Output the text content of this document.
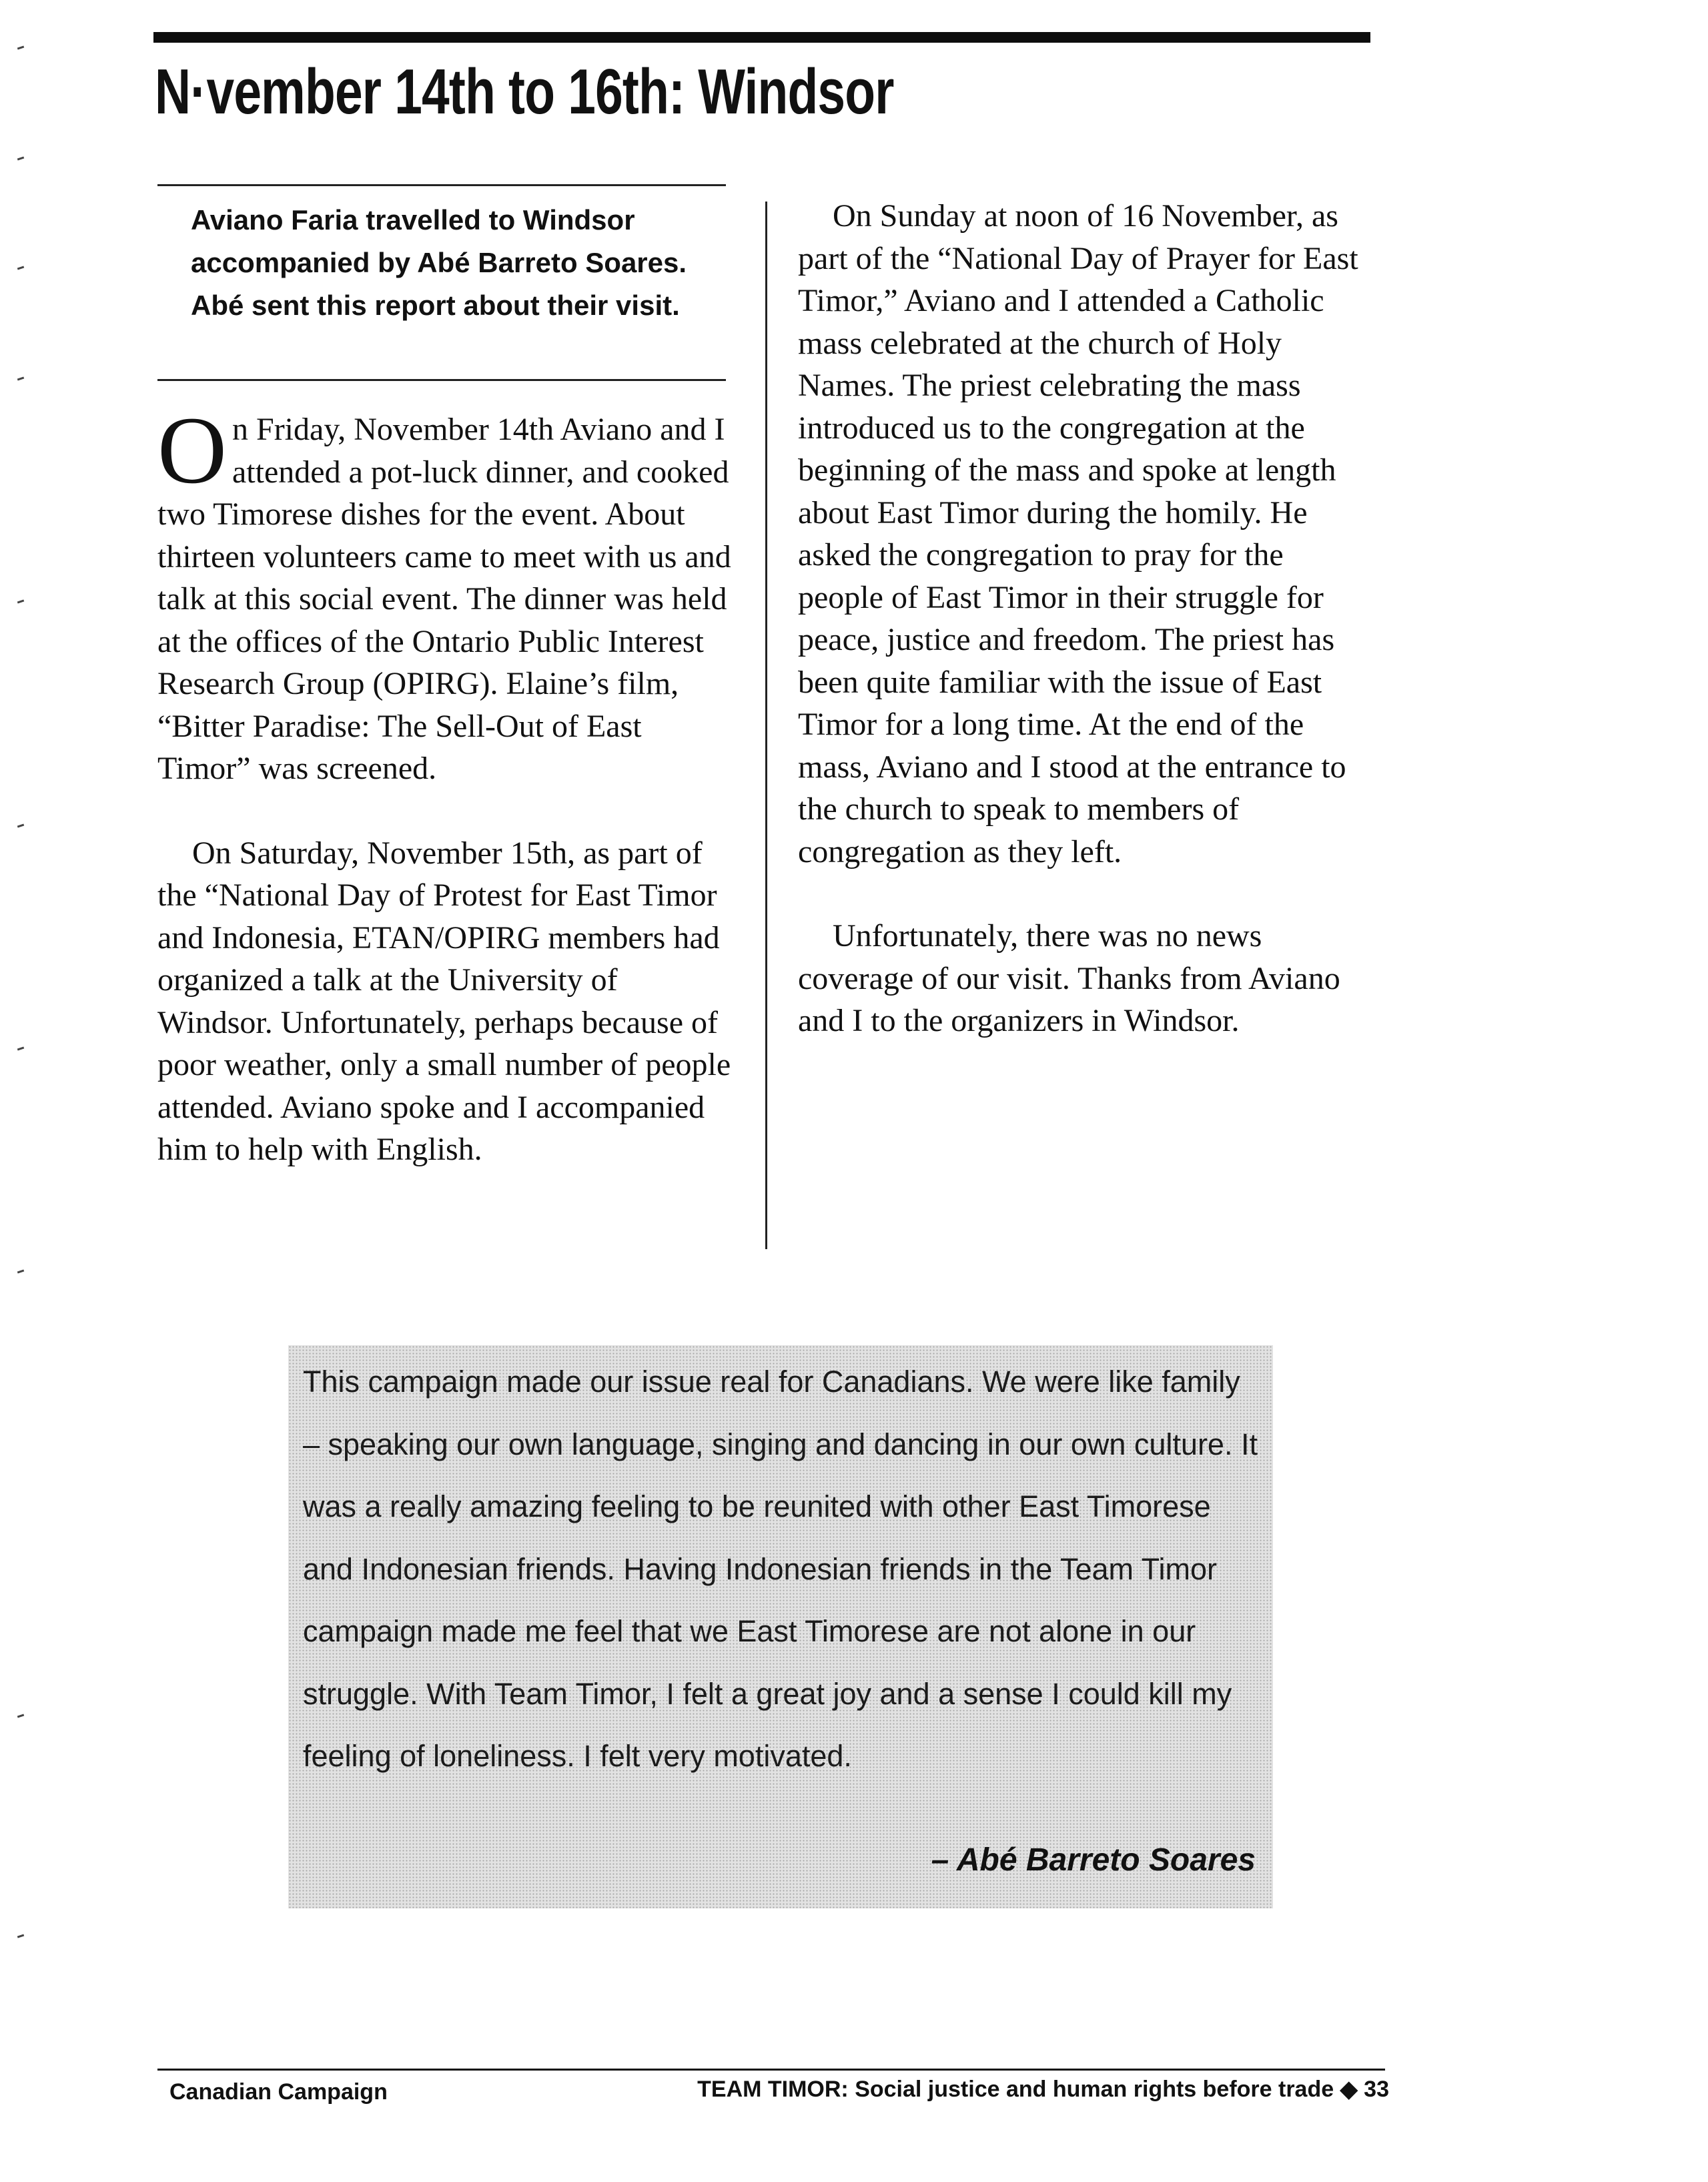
N·vember 14th to 16th: Windsor

Aviano Faria travelled to Windsor accompanied by Abé Barreto Soares. Abé sent this report about their visit.

On Friday, November 14th Aviano and I attended a pot-luck dinner, and cooked two Timorese dishes for the event. About thirteen volunteers came to meet with us and talk at this social event. The dinner was held at the offices of the Ontario Public Interest Research Group (OPIRG). Elaine’s film, “Bitter Paradise: The Sell-Out of East Timor” was screened.

On Saturday, November 15th, as part of the “National Day of Protest for East Timor and Indonesia, ETAN/OPIRG members had organized a talk at the University of Windsor. Unfortunately, perhaps because of poor weather, only a small number of people attended. Aviano spoke and I accompanied him to help with English.

On Sunday at noon of 16 November, as part of the “National Day of Prayer for East Timor,” Aviano and I attended a Catholic mass celebrated at the church of Holy Names. The priest celebrating the mass introduced us to the congregation at the beginning of the mass and spoke at length about East Timor during the homily. He asked the congregation to pray for the people of East Timor in their struggle for peace, justice and freedom. The priest has been quite familiar with the issue of East Timor for a long time. At the end of the mass, Aviano and I stood at the entrance to the church to speak to members of congregation as they left.

Unfortunately, there was no news coverage of our visit. Thanks from Aviano and I to the organizers in Windsor.

This campaign made our issue real for Canadians. We were like family – speaking our own language, singing and dancing in our own culture. It was a really amazing feeling to be reunited with other East Timorese and Indonesian friends. Having Indonesian friends in the Team Timor campaign made me feel that we East Timorese are not alone in our struggle. With Team Timor, I felt a great joy and a sense I could kill my feeling of loneliness. I felt very motivated.

– Abé Barreto Soares

Canadian Campaign	TEAM TIMOR: Social justice and human rights before trade ◆ 33
